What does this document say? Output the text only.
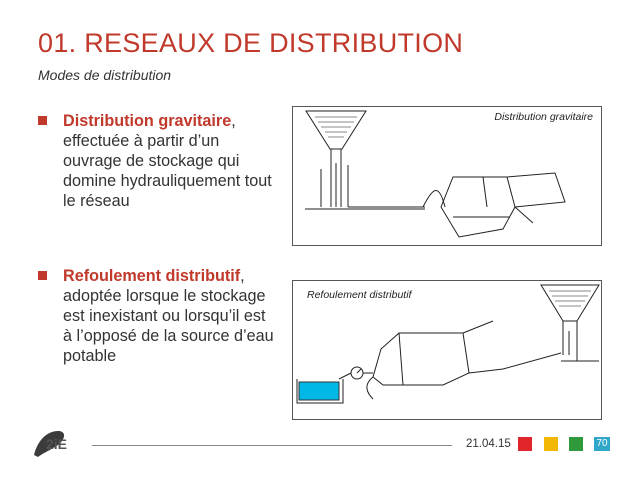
01. RESEAUX DE DISTRIBUTION
Modes de distribution
Distribution gravitaire, effectuée à partir d’un ouvrage de stockage qui domine hydrauliquement tout le réseau
Refoulement distributif, adoptée lorsque le stockage est inexistant ou lorsqu’il est à l’opposé de la source d’eau potable
Distribution gravitaire
Refoulement distributif
2iE	21.04.15	70
